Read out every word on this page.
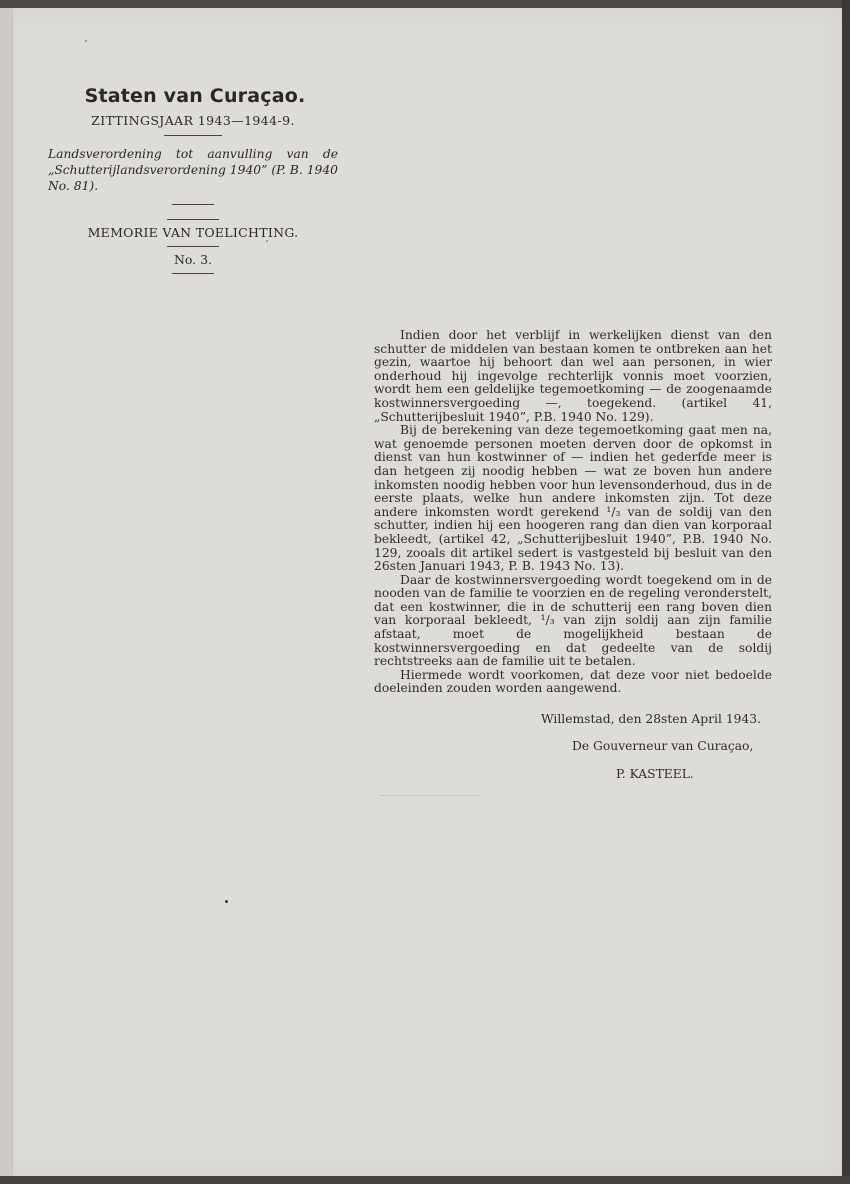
Staten van Curaçao.
ZITTINGSJAAR 1943—1944-9.
Landsverordening tot aanvulling van de „Schutterijlandsverordening 1940” (P. B. 1940 No. 81).
MEMORIE VAN TOELICHTING.
No. 3.

Indien door het verblijf in werkelijken dienst van den schutter de middelen van bestaan komen te ontbreken aan het gezin, waartoe hij behoort dan wel aan personen, in wier onderhoud hij ingevolge rechterlijk vonnis moet voorzien, wordt hem een geldelijke tegemoetkoming — de zoogenaamde kostwinnersvergoeding —, toegekend. (artikel 41, „Schutterijbesluit 1940”, P.B. 1940 No. 129).

Bij de berekening van deze tegemoetkoming gaat men na, wat genoemde personen moeten derven door de opkomst in dienst van hun kostwinner of — indien het gederfde meer is dan hetgeen zij noodig hebben — wat ze boven hun andere inkomsten noodig hebben voor hun levensonderhoud, dus in de eerste plaats, welke hun andere inkomsten zijn. Tot deze andere inkomsten wordt gerekend ¹/₃ van de soldij van den schutter, indien hij een hoogeren rang dan dien van korporaal bekleedt, (artikel 42, „Schutterijbesluit 1940”, P.B. 1940 No. 129, zooals dit artikel sedert is vastgesteld bij besluit van den 26sten Januari 1943, P. B. 1943 No. 13).

Daar de kostwinnersvergoeding wordt toegekend om in de nooden van de familie te voorzien en de regeling veronderstelt, dat een kostwinner, die in de schutterij een rang boven dien van korporaal bekleedt, ¹/₃ van zijn soldij aan zijn familie afstaat, moet de mogelijkheid bestaan de kostwinnersvergoeding en dat gedeelte van de soldij rechtstreeks aan de familie uit te betalen.

Hiermede wordt voorkomen, dat deze voor niet bedoelde doeleinden zouden worden aangewend.

Willemstad, den 28sten April 1943.
De Gouverneur van Curaçao,
P. KASTEEL.
